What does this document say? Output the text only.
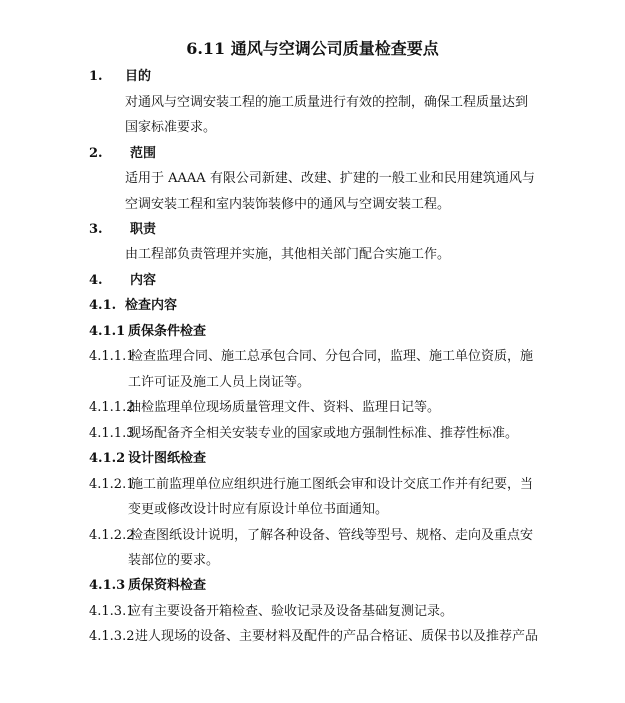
6.11 通风与空调公司质量检查要点
1. 目的
对通风与空调安装工程的施工质量进行有效的控制，确保工程质量达到
国家标准要求。
2. 范围
适用于 AAAA 有限公司新建、改建、扩建的一般工业和民用建筑通风与
空调安装工程和室内装饰装修中的通风与空调安装工程。
3. 职责
由工程部负责管理并实施，其他相关部门配合实施工作。
4. 内容
4.1. 检查内容
4.1.1 质保条件检查
4.1.1.1
检查监理合同、施工总承包合同、分包合同，监理、施工单位资质，施
工许可证及施工人员上岗证等。
4.1.1.2
抽检监理单位现场质量管理文件、资料、监理日记等。
4.1.1.3
现场配备齐全相关安装专业的国家或地方强制性标准、推荐性标准。
4.1.2 设计图纸检查
4.1.2.1
施工前监理单位应组织进行施工图纸会审和设计交底工作并有纪要，当
变更或修改设计时应有原设计单位书面通知。
4.1.2.2
检查图纸设计说明，了解各种设备、管线等型号、规格、走向及重点安
装部位的要求。
4.1.3 质保资料检查
4.1.3.1
应有主要设备开箱检查、验收记录及设备基础复测记录。
4.1.3.2 进人现场的设备、主要材料及配件的产品合格证、质保书以及推荐产品
